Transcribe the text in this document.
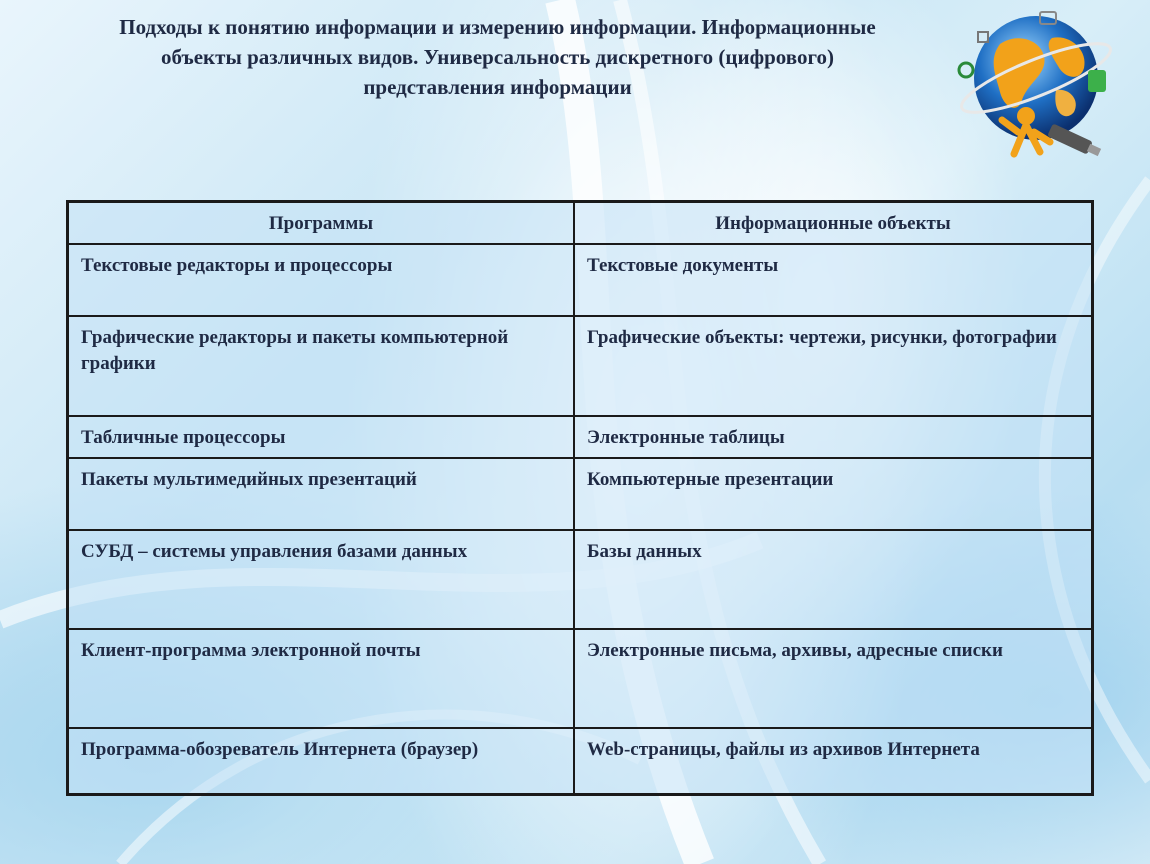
Подходы к понятию информации и измерению информации. Информационные
объекты различных видов. Универсальность дискретного (цифрового)
представления информации
Программы	Информационные объекты
Текстовые редакторы и процессоры	Текстовые документы
Графические редакторы и пакеты компьютерной графики	Графические объекты: чертежи, рисунки, фотографии
Табличные процессоры	Электронные таблицы
Пакеты мультимедийных презентаций	Компьютерные презентации
СУБД – системы управления базами данных	Базы данных
Клиент-программа электронной почты	Электронные письма, архивы, адресные списки
Программа-обозреватель Интернета (браузер)	Web-страницы, файлы из архивов Интернета
